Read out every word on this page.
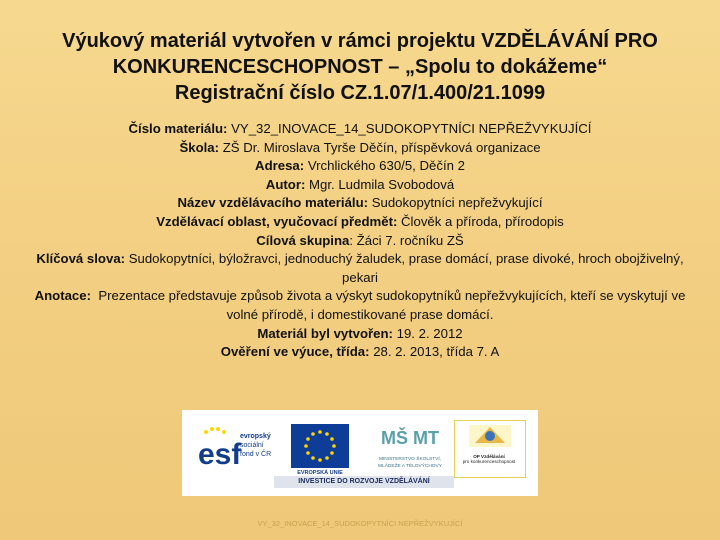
Výukový materiál vytvořen v rámci projektu VZDĚLÁVÁNÍ PRO
KONKURENCESCHOPNOST – „Spolu to dokážeme“
Registrační číslo CZ.1.07/1.400/21.1099

Číslo materiálu: VY_32_INOVACE_14_SUDOKOPYTNÍCI NEPŘEŽVYKUJÍCÍ

Škola: ZŠ Dr. Miroslava Tyrše Děčín, příspěvková organizace

Adresa: Vrchlického 630/5, Děčín 2

Autor: Mgr. Ludmila Svobodová

Název vzdělávacího materiálu: Sudokopytníci nepřežvykující

Vzdělávací oblast, vyučovací předmět: Člověk a příroda, přírodopis

Cílová skupina: Žáci 7. ročníku ZŠ

Klíčová slova: Sudokopytníci, býložravci, jednoduchý žaludek, prase domácí, prase divoké, hroch obojživelný, pekari

Anotace: Prezentace představuje způsob života a výskyt sudokopytníků nepřežvykujících, kteří se vyskytují ve volné přírodě, i domestikované prase domácí.

Materiál byl vytvořen: 19. 2. 2012

Ověření ve výuce, třída: 28. 2. 2013, třída 7. A

esf
evropský
sociální
fond v ČR
EVROPSKÁ UNIE
MŠ MT
MINISTERSTVO ŠKOLSTVÍ,
MLÁDEŽE A TĚLOVÝCHOVY
OP Vzdělávání
pro konkurenceschopnost
INVESTICE DO ROZVOJE VZDĚLÁVÁNÍ
VY_32_INOVACE_14_SUDOKOPYTNÍCI NEPŘEŽVYKUJÍCÍ
